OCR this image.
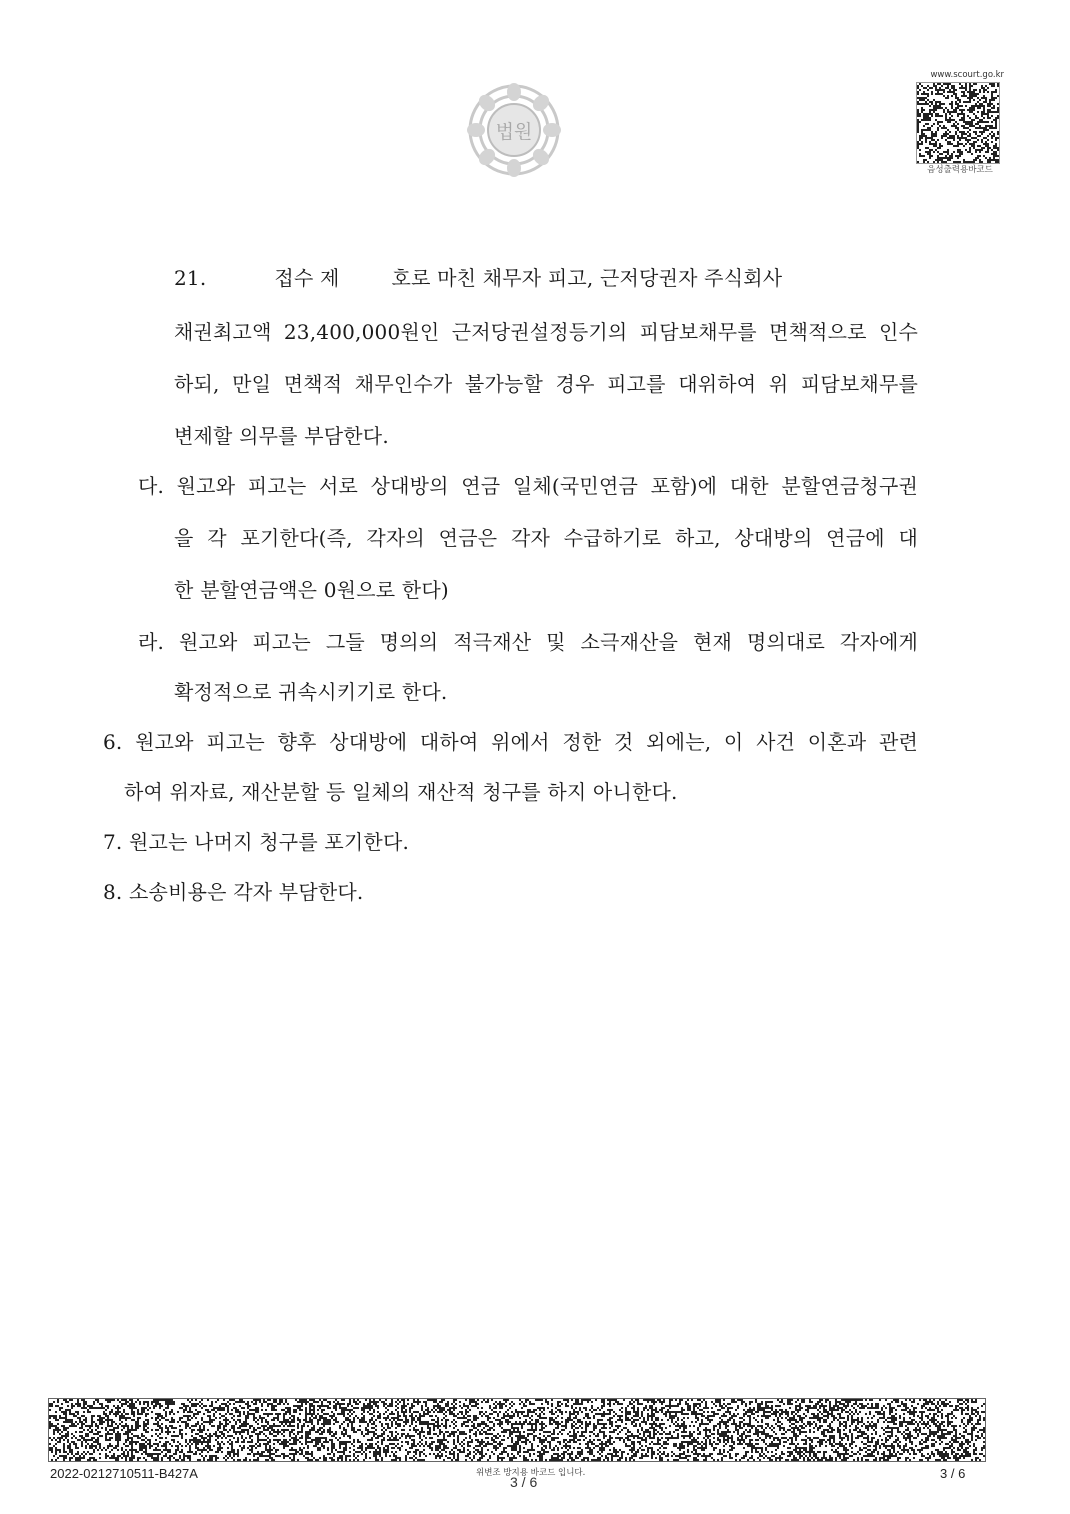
법원
www.scourt.go.kr
음성출력용바코드
21.	접수 제	호로 마친 채무자 피고, 근저당권자 주식회사
채권최고액 23,400,000원인 근저당권설정등기의 피담보채무를 면책적으로 인수
하되, 만일 면책적 채무인수가 불가능할 경우 피고를 대위하여 위 피담보채무를
변제할 의무를 부담한다.
다. 원고와 피고는 서로 상대방의 연금 일체(국민연금 포함)에 대한 분할연금청구권
을 각 포기한다(즉, 각자의 연금은 각자 수급하기로 하고, 상대방의 연금에 대
한 분할연금액은 0원으로 한다)
라. 원고와 피고는 그들 명의의 적극재산 및 소극재산을 현재 명의대로 각자에게
확정적으로 귀속시키기로 한다.
6. 원고와 피고는 향후 상대방에 대하여 위에서 정한 것 외에는, 이 사건 이혼과 관련
하여 위자료, 재산분할 등 일체의 재산적 청구를 하지 아니한다.
7. 원고는 나머지 청구를 포기한다.
8. 소송비용은 각자 부담한다.
2022-0212710511-B427A	위변조 방지용 바코드 입니다.
3 / 6
3 / 6
